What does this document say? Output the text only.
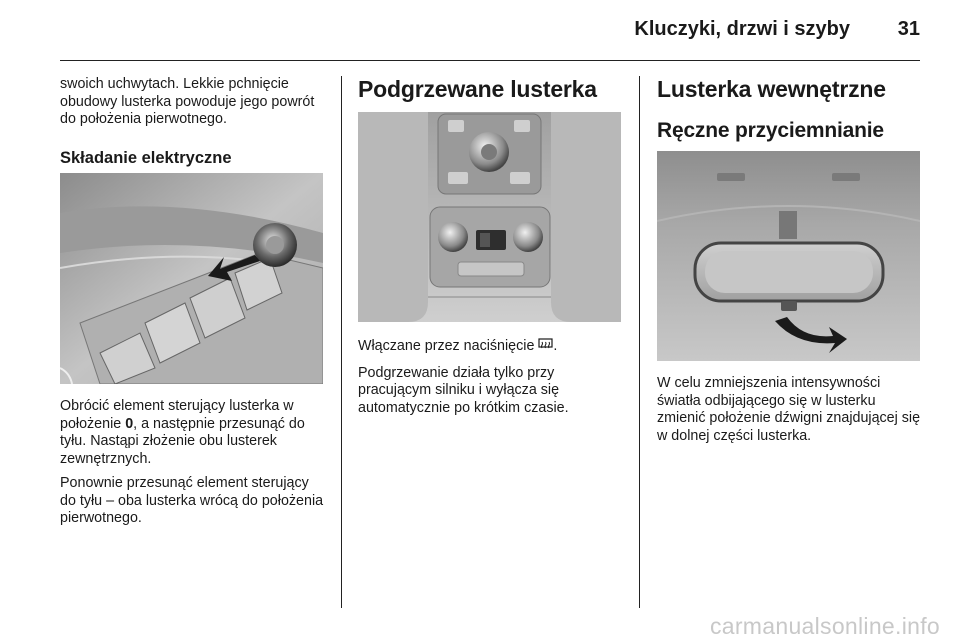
Kluczyki, drzwi i szyby 31

swoich uchwytach. Lekkie pchnięcie obudowy lusterka powoduje jego powrót do położenia pierwotnego.

Składanie elektryczne

Obrócić element sterujący lusterka w położenie 0, a następnie przesunąć do tyłu. Nastąpi złożenie obu lusterek zewnętrznych.

Ponownie przesunąć element sterujący do tyłu – oba lusterka wrócą do położenia pierwotnego.

Podgrzewane lusterka

Włączane przez naciśnięcie .

Podgrzewanie działa tylko przy pracującym silniku i wyłącza się automatycznie po krótkim czasie.

Lusterka wewnętrzne
Ręczne przyciemnianie

W celu zmniejszenia intensywności światła odbijającego się w lusterku zmienić położenie dźwigni znajdującej się w dolnej części lusterka.

carmanualsonline.info
